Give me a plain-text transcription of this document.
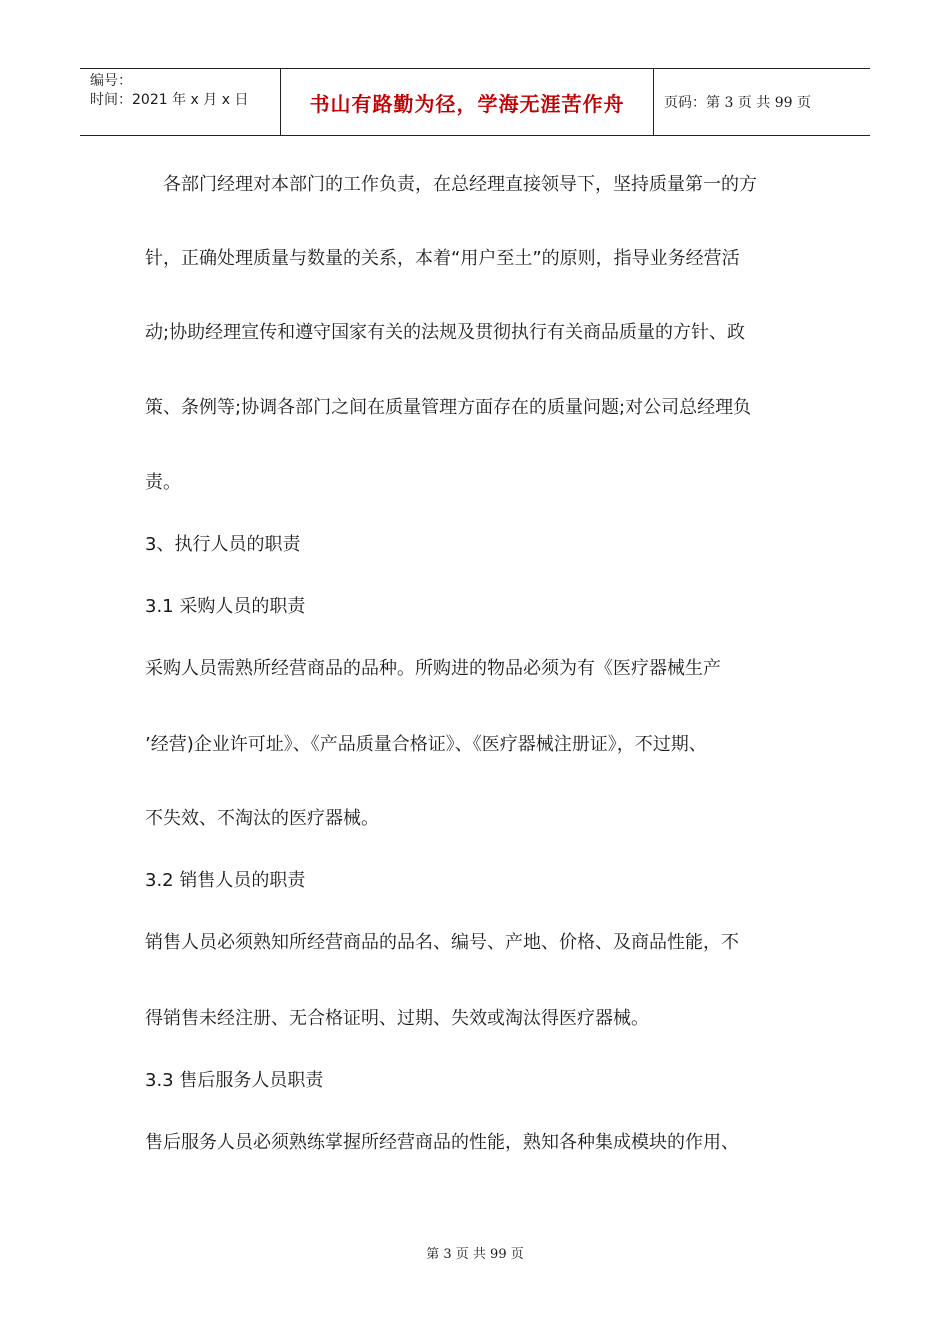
编号：
时间：2021 年 x 月 x 日	书山有路勤为径，学海无涯苦作舟	页码：第 3 页 共 99 页
　各部门经理对本部门的工作负责，在总经理直接领导下，坚持质量第一的方
针，正确处理质量与数量的关系，本着“用户至土”的原则，指导业务经营活
动;协助经理宣传和遵守国家有关的法规及贯彻执行有关商品质量的方针、政
策、条例等;协调各部门之间在质量管理方面存在的质量问题;对公司总经理负
责。
3、执行人员的职责
3.1 采购人员的职责
采购人员需熟所经营商品的品种。所购进的物品必须为有《医疗器械生产
’经营)企业许可址》、《产品质量合格证》、《医疗器械注册证》，不过期、
不失效、不淘汰的医疗器械。
3.2 销售人员的职责
销售人员必须熟知所经营商品的品名、编号、产地、价格、及商品性能，不
得销售未经注册、无合格证明、过期、失效或淘汰得医疗器械。
3.3 售后服务人员职责
售后服务人员必须熟练掌握所经营商品的性能，熟知各种集成模块的作用、
第 3 页 共 99 页
